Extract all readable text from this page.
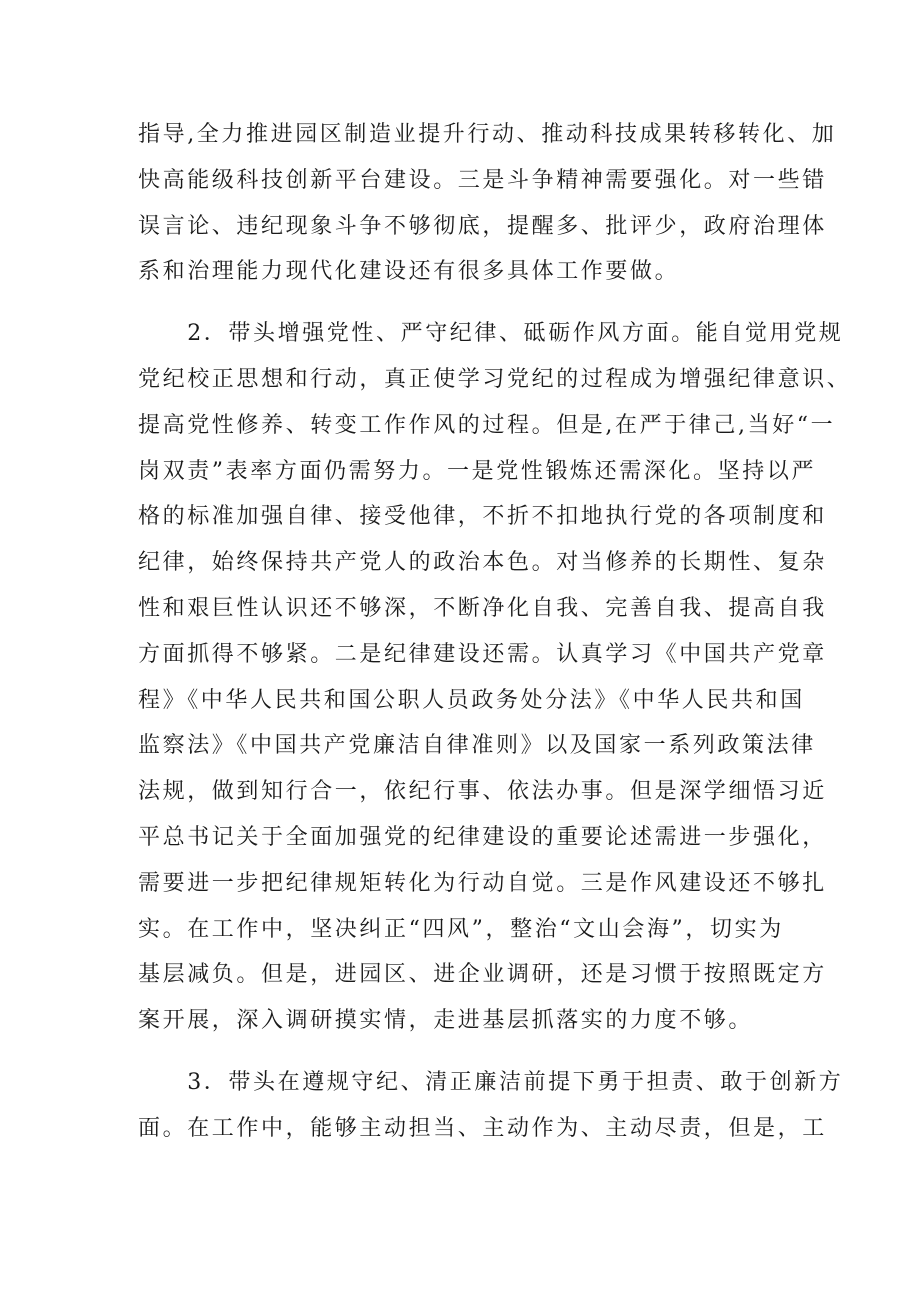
指导,全力推进园区制造业提升行动、推动科技成果转移转化、加
快高能级科技创新平台建设。三是斗争精神需要强化。对一些错
误言论、违纪现象斗争不够彻底，提醒多、批评少，政府治理体
系和治理能力现代化建设还有很多具体工作要做。
　　2．带头增强党性、严守纪律、砥砺作风方面。能自觉用党规
党纪校正思想和行动，真正使学习党纪的过程成为增强纪律意识、
提高党性修养、转变工作作风的过程。但是,在严于律己,当好“一
岗双责”表率方面仍需努力。一是党性锻炼还需深化。坚持以严
格的标准加强自律、接受他律，不折不扣地执行党的各项制度和
纪律，始终保持共产党人的政治本色。对当修养的长期性、复杂
性和艰巨性认识还不够深，不断净化自我、完善自我、提高自我
方面抓得不够紧。二是纪律建设还需。认真学习《中国共产党章
程》《中华人民共和国公职人员政务处分法》《中华人民共和国
监察法》《中国共产党廉洁自律准则》以及国家一系列政策法律
法规，做到知行合一，依纪行事、依法办事。但是深学细悟习近
平总书记关于全面加强党的纪律建设的重要论述需进一步强化，
需要进一步把纪律规矩转化为行动自觉。三是作风建设还不够扎
实。在工作中，坚决纠正“四风”，整治“文山会海”，切实为
基层减负。但是，进园区、进企业调研，还是习惯于按照既定方
案开展，深入调研摸实情，走进基层抓落实的力度不够。
　　3．带头在遵规守纪、清正廉洁前提下勇于担责、敢于创新方
面。在工作中，能够主动担当、主动作为、主动尽责，但是，工
